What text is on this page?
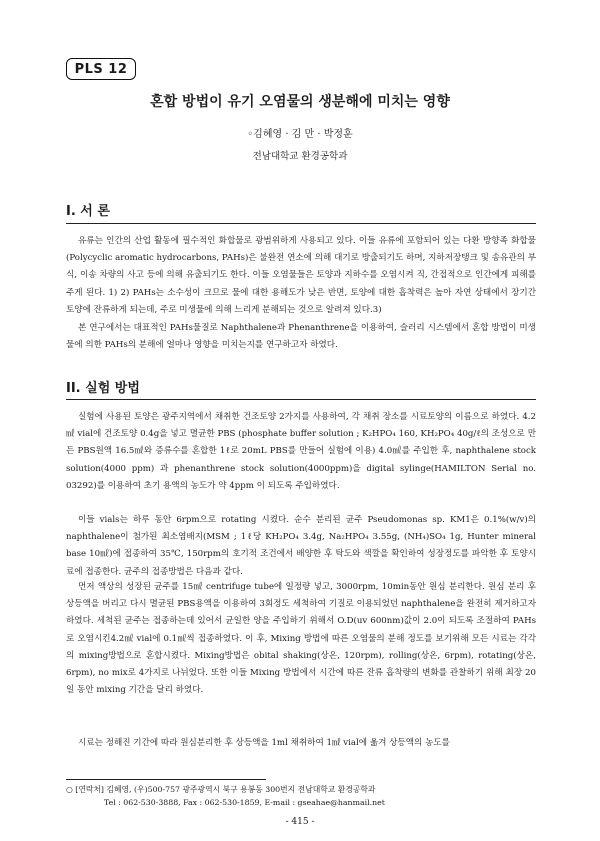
PLS 12
혼합 방법이 유기 오염물의 생분해에 미치는 영향
◦김혜영 · 김 만 · 박정훈
전남대학교 환경공학과
I. 서 론
유류는 인간의 산업 활동에 필수적인 화합물로 광범위하게 사용되고 있다. 이들 유류에 포함되어 있는 다환 방향족 화합물(Polycyclic aromatic hydrocarbons, PAHs)은 불완전 연소에 의해 대기로 방출되기도 하며, 지하저장탱크 및 송유관의 부식, 이송 차량의 사고 등에 의해 유출되기도 한다. 이들 오염물들은 토양과 지하수를 오염시켜 직, 간접적으로 인간에게 피해를 주게 된다. 1) 2) PAHs는 소수성이 크므로 물에 대한 용해도가 낮은 반면, 토양에 대한 흡착력은 높아 자연 상태에서 장기간 토양에 잔류하게 되는데, 주로 미생물에 의해 느리게 분해되는 것으로 알려져 있다.3)
본 연구에서는 대표적인 PAHs물질로 Naphthalene과 Phenanthrene을 이용하여, 슬러리 시스템에서 혼합 방법이 미생물에 의한 PAHs의 분해에 얼마나 영향을 미치는지를 연구하고자 하였다.
II. 실험 방법
실험에 사용된 토양은 광주지역에서 채취한 건조토양 2가지를 사용하여, 각 채취 장소를 시료토양의 이름으로 하였다. 4.2㎖ vial에 건조토양 0.4g을 넣고 멸균한 PBS (phosphate buffer solution ; K₂HPO₄ 160, KH₂PO₄ 40g/ℓ의 조성으로 만든 PBS원액 16.5㎖와 증류수를 혼합한 1ℓ로 20mL PBS를 만들어 실험에 이용) 4.0㎖를 주입한 후, naphthalene stock solution(4000 ppm) 과 phenanthrene stock solution(4000ppm)을 digital sylinge(HAMILTON Serial no. 03292)를 이용하여 초기 용액의 농도가 약 4ppm 이 되도록 주입하였다.
이들 vials는 하루 동안 6rpm으로 rotating 시켰다. 순수 분리된 균주 Pseudomonas sp. KM1은 0.1%(w/v)의 naphthalene이 첨가된 최소염배지(MSM ; 1ℓ당 KH₂PO₄ 3.4g, Na₂HPO₄ 3.55g, (NH₄)SO₄ 1g, Hunter mineral base 10㎖)에 접종하여 35℃, 150rpm의 호기적 조건에서 배양한 후 탁도와 색깔을 확인하여 성장정도를 파악한 후 토양시료에 접종한다. 균주의 접종방법은 다음과 같다.
먼저 액상의 성장된 균주를 15㎖ centrifuge tube에 일정량 넣고, 3000rpm, 10min동안 원심 분리한다. 원심 분리 후 상등액을 버리고 다시 멸균된 PBS용액을 이용하여 3회정도 세척하여 기질로 이용되었던 naphthalene을 완전히 제거하고자 하였다. 세척된 균주는 접종하는데 있어서 균일한 양을 주입하기 위해서 O.D(uv 600nm)값이 2.0이 되도록 조절하여 PAHs로 오염시킨4.2㎖ vial에 0.1㎖씩 접종하였다. 이 후, Mixing 방법에 따른 오염물의 분해 정도를 보기위해 모든 시료는 각각의 mixing방법으로 혼합시켰다. Mixing방법은 obital shaking(상온, 120rpm), rolling(상온, 6rpm), rotating(상온, 6rpm), no mix로 4가지로 나뉘었다. 또한 이들 Mixing 방법에서 시간에 따른 잔류 흡착량의 변화를 관찰하기 위해 최장 20일 동안 mixing 기간을 달리 하였다.
시료는 정해진 기간에 따라 원심분리한 후 상등액을 1ml 채취하여 1㎖ vial에 옮겨 상등액의 농도를
○ [연락처] 김혜영, (우)500-757 광주광역시 북구 용봉동 300번지 전남대학교 환경공학과
Tel : 062-530-3888, Fax : 062-530-1859, E-mail : gseahae@hanmail.net
- 415 -
